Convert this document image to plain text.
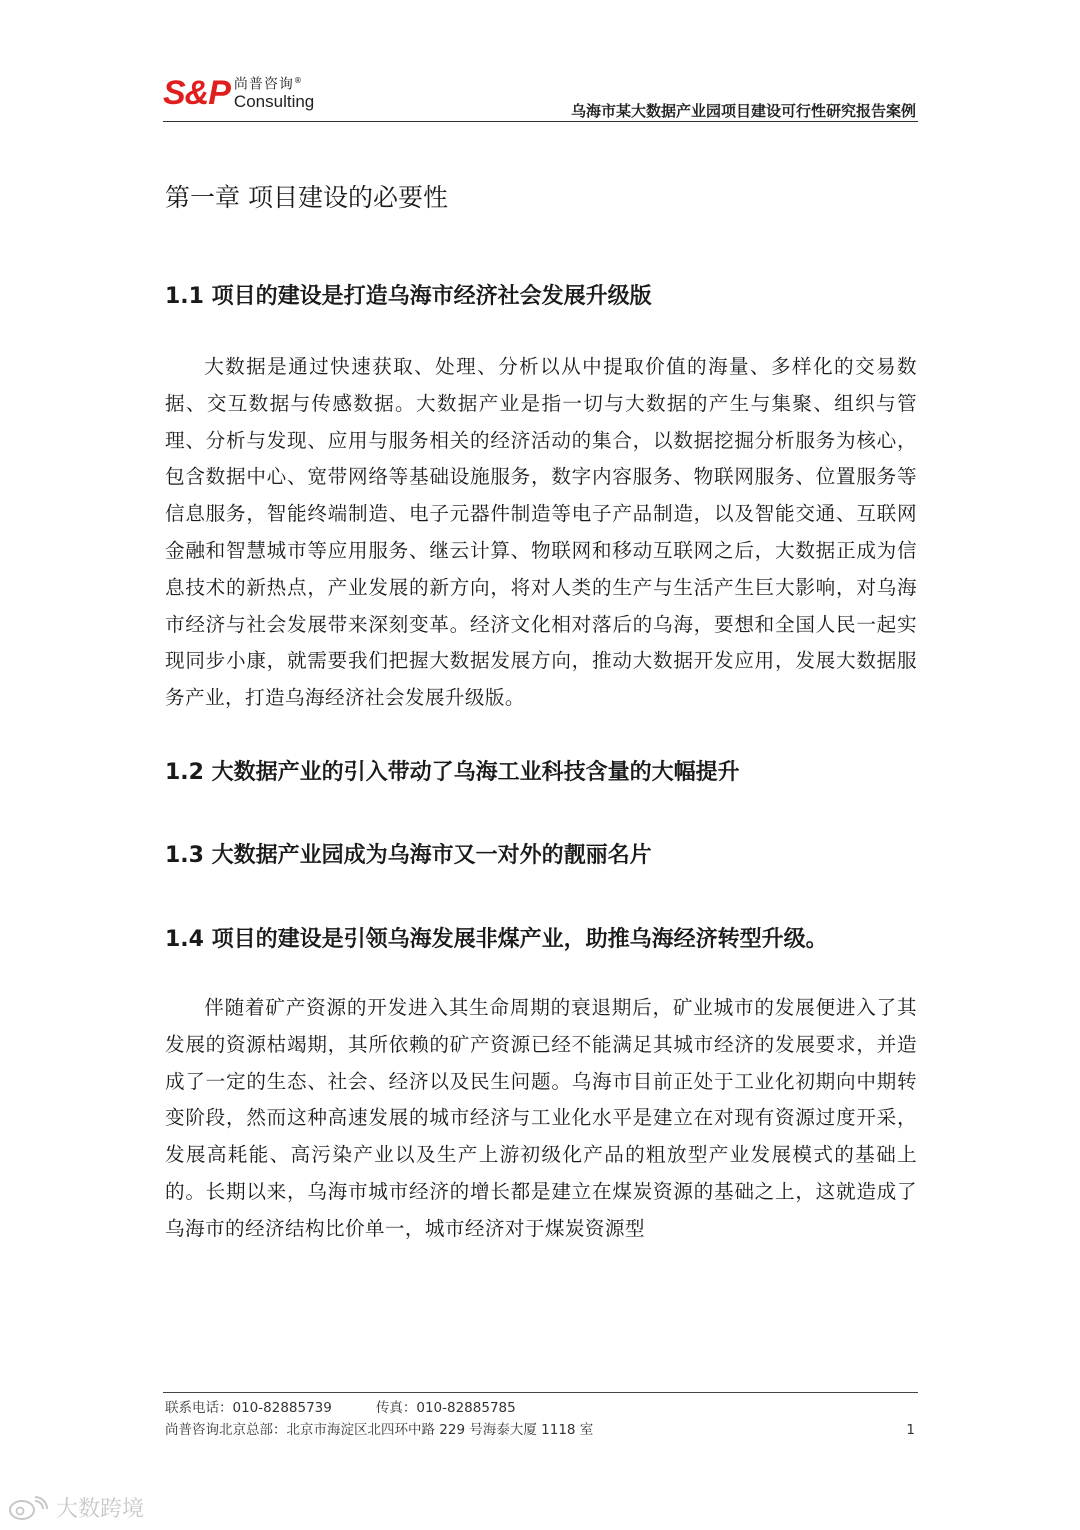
S&P 尚普咨询®
Consulting	乌海市某大数据产业园项目建设可行性研究报告案例
第一章 项目建设的必要性
1.1 项目的建设是打造乌海市经济社会发展升级版

大数据是通过快速获取、处理、分析以从中提取价值的海量、多样化的交易数据、交互数据与传感数据。大数据产业是指一切与大数据的产生与集聚、组织与管理、分析与发现、应用与服务相关的经济活动的集合，以数据挖掘分析服务为核心，包含数据中心、宽带网络等基础设施服务，数字内容服务、物联网服务、位置服务等信息服务，智能终端制造、电子元器件制造等电子产品制造，以及智能交通、互联网金融和智慧城市等应用服务、继云计算、物联网和移动互联网之后，大数据正成为信息技术的新热点，产业发展的新方向，将对人类的生产与生活产生巨大影响，对乌海市经济与社会发展带来深刻变革。经济文化相对落后的乌海，要想和全国人民一起实现同步小康，就需要我们把握大数据发展方向，推动大数据开发应用，发展大数据服务产业，打造乌海经济社会发展升级版。

1.2 大数据产业的引入带动了乌海工业科技含量的大幅提升
1.3 大数据产业园成为乌海市又一对外的靓丽名片
1.4 项目的建设是引领乌海发展非煤产业，助推乌海经济转型升级。

伴随着矿产资源的开发进入其生命周期的衰退期后，矿业城市的发展便进入了其发展的资源枯竭期，其所依赖的矿产资源已经不能满足其城市经济的发展要求，并造成了一定的生态、社会、经济以及民生问题。乌海市目前正处于工业化初期向中期转变阶段，然而这种高速发展的城市经济与工业化水平是建立在对现有资源过度开采，发展高耗能、高污染产业以及生产上游初级化产品的粗放型产业发展模式的基础上的。长期以来，乌海市城市经济的增长都是建立在煤炭资源的基础之上，这就造成了乌海市的经济结构比价单一，城市经济对于煤炭资源型

联系电话：010-82885739	传真：010-82885785
尚普咨询北京总部：北京市海淀区北四环中路 229 号海泰大厦 1118 室	1
大数跨境
